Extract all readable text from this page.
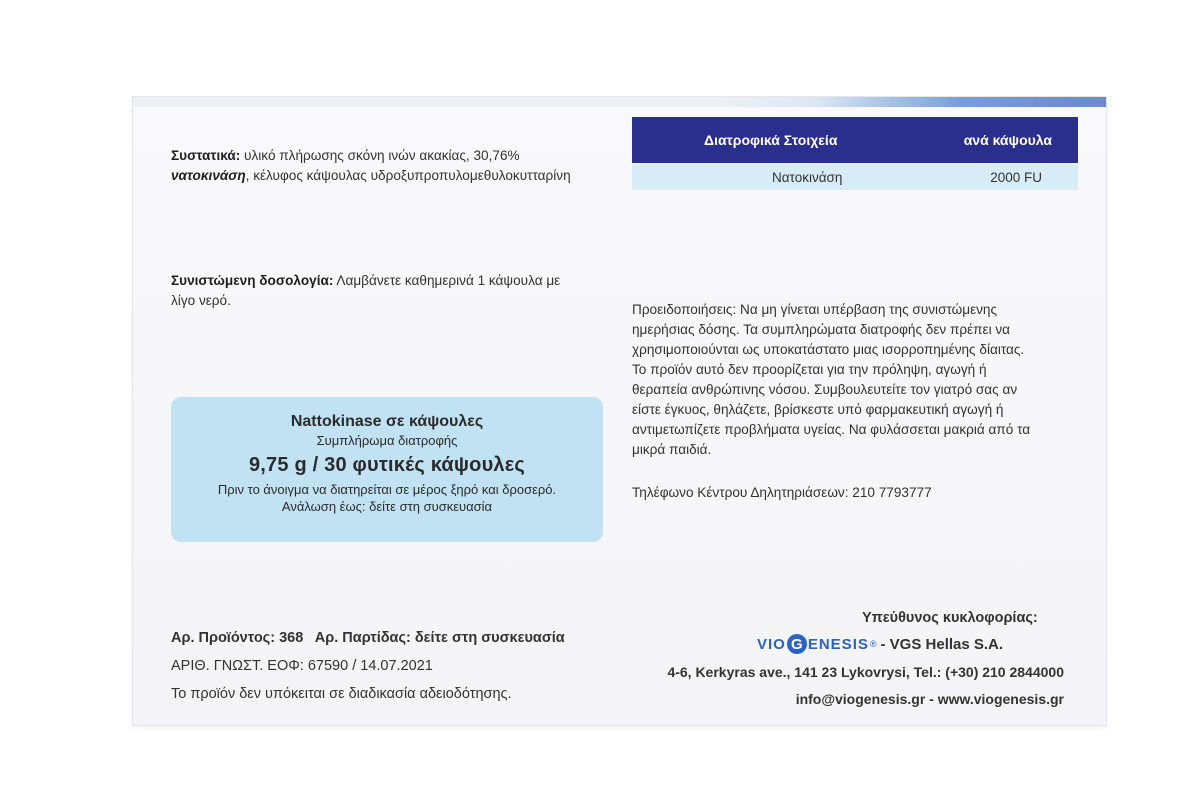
Συστατικά: υλικό πλήρωσης σκόνη ινών ακακίας, 30,76%
νατοκινάση, κέλυφος κάψουλας υδροξυπροπυλομεθυλοκυτταρίνη
Διατροφικά Στοιχεία	ανά κάψουλα
Νατοκινάση	2000 FU
Συνιστώμενη δοσολογία: Λαμβάνετε καθημερινά 1 κάψουλα με
λίγο νερό.
Προειδοποιήσεις: Να μη γίνεται υπέρβαση της συνιστώμενης
ημερήσιας δόσης. Τα συμπληρώματα διατροφής δεν πρέπει να
χρησιμοποιούνται ως υποκατάστατο μιας ισορροπημένης δίαιτας.
Το προϊόν αυτό δεν προορίζεται για την πρόληψη, αγωγή ή
θεραπεία ανθρώπινης νόσου. Συμβουλευτείτε τον γιατρό σας αν
είστε έγκυος, θηλάζετε, βρίσκεστε υπό φαρμακευτική αγωγή ή
αντιμετωπίζετε προβλήματα υγείας. Να φυλάσσεται μακριά από τα
μικρά παιδιά.
Τηλέφωνο Κέντρου Δηλητηριάσεων: 210 7793777
Nattokinase σε κάψουλες
Συμπλήρωμα διατροφής
9,75 g / 30 φυτικές κάψουλες
Πριν το άνοιγμα να διατηρείται σε μέρος ξηρό και δροσερό.
Ανάλωση έως: δείτε στη συσκευασία
Αρ. Προϊόντος: 368   Αρ. Παρτίδας: δείτε στη συσκευασία
ΑΡΙΘ. ΓΝΩΣΤ. ΕΟΦ: 67590 / 14.07.2021
Το προϊόν δεν υπόκειται σε διαδικασία αδειοδότησης.
Υπεύθυνος κυκλοφορίας:
VIO G ENESIS ® - VGS Hellas S.A.
4-6, Kerkyras ave., 141 23 Lykovrysi, Tel.: (+30) 210 2844000
info@viogenesis.gr - www.viogenesis.gr
